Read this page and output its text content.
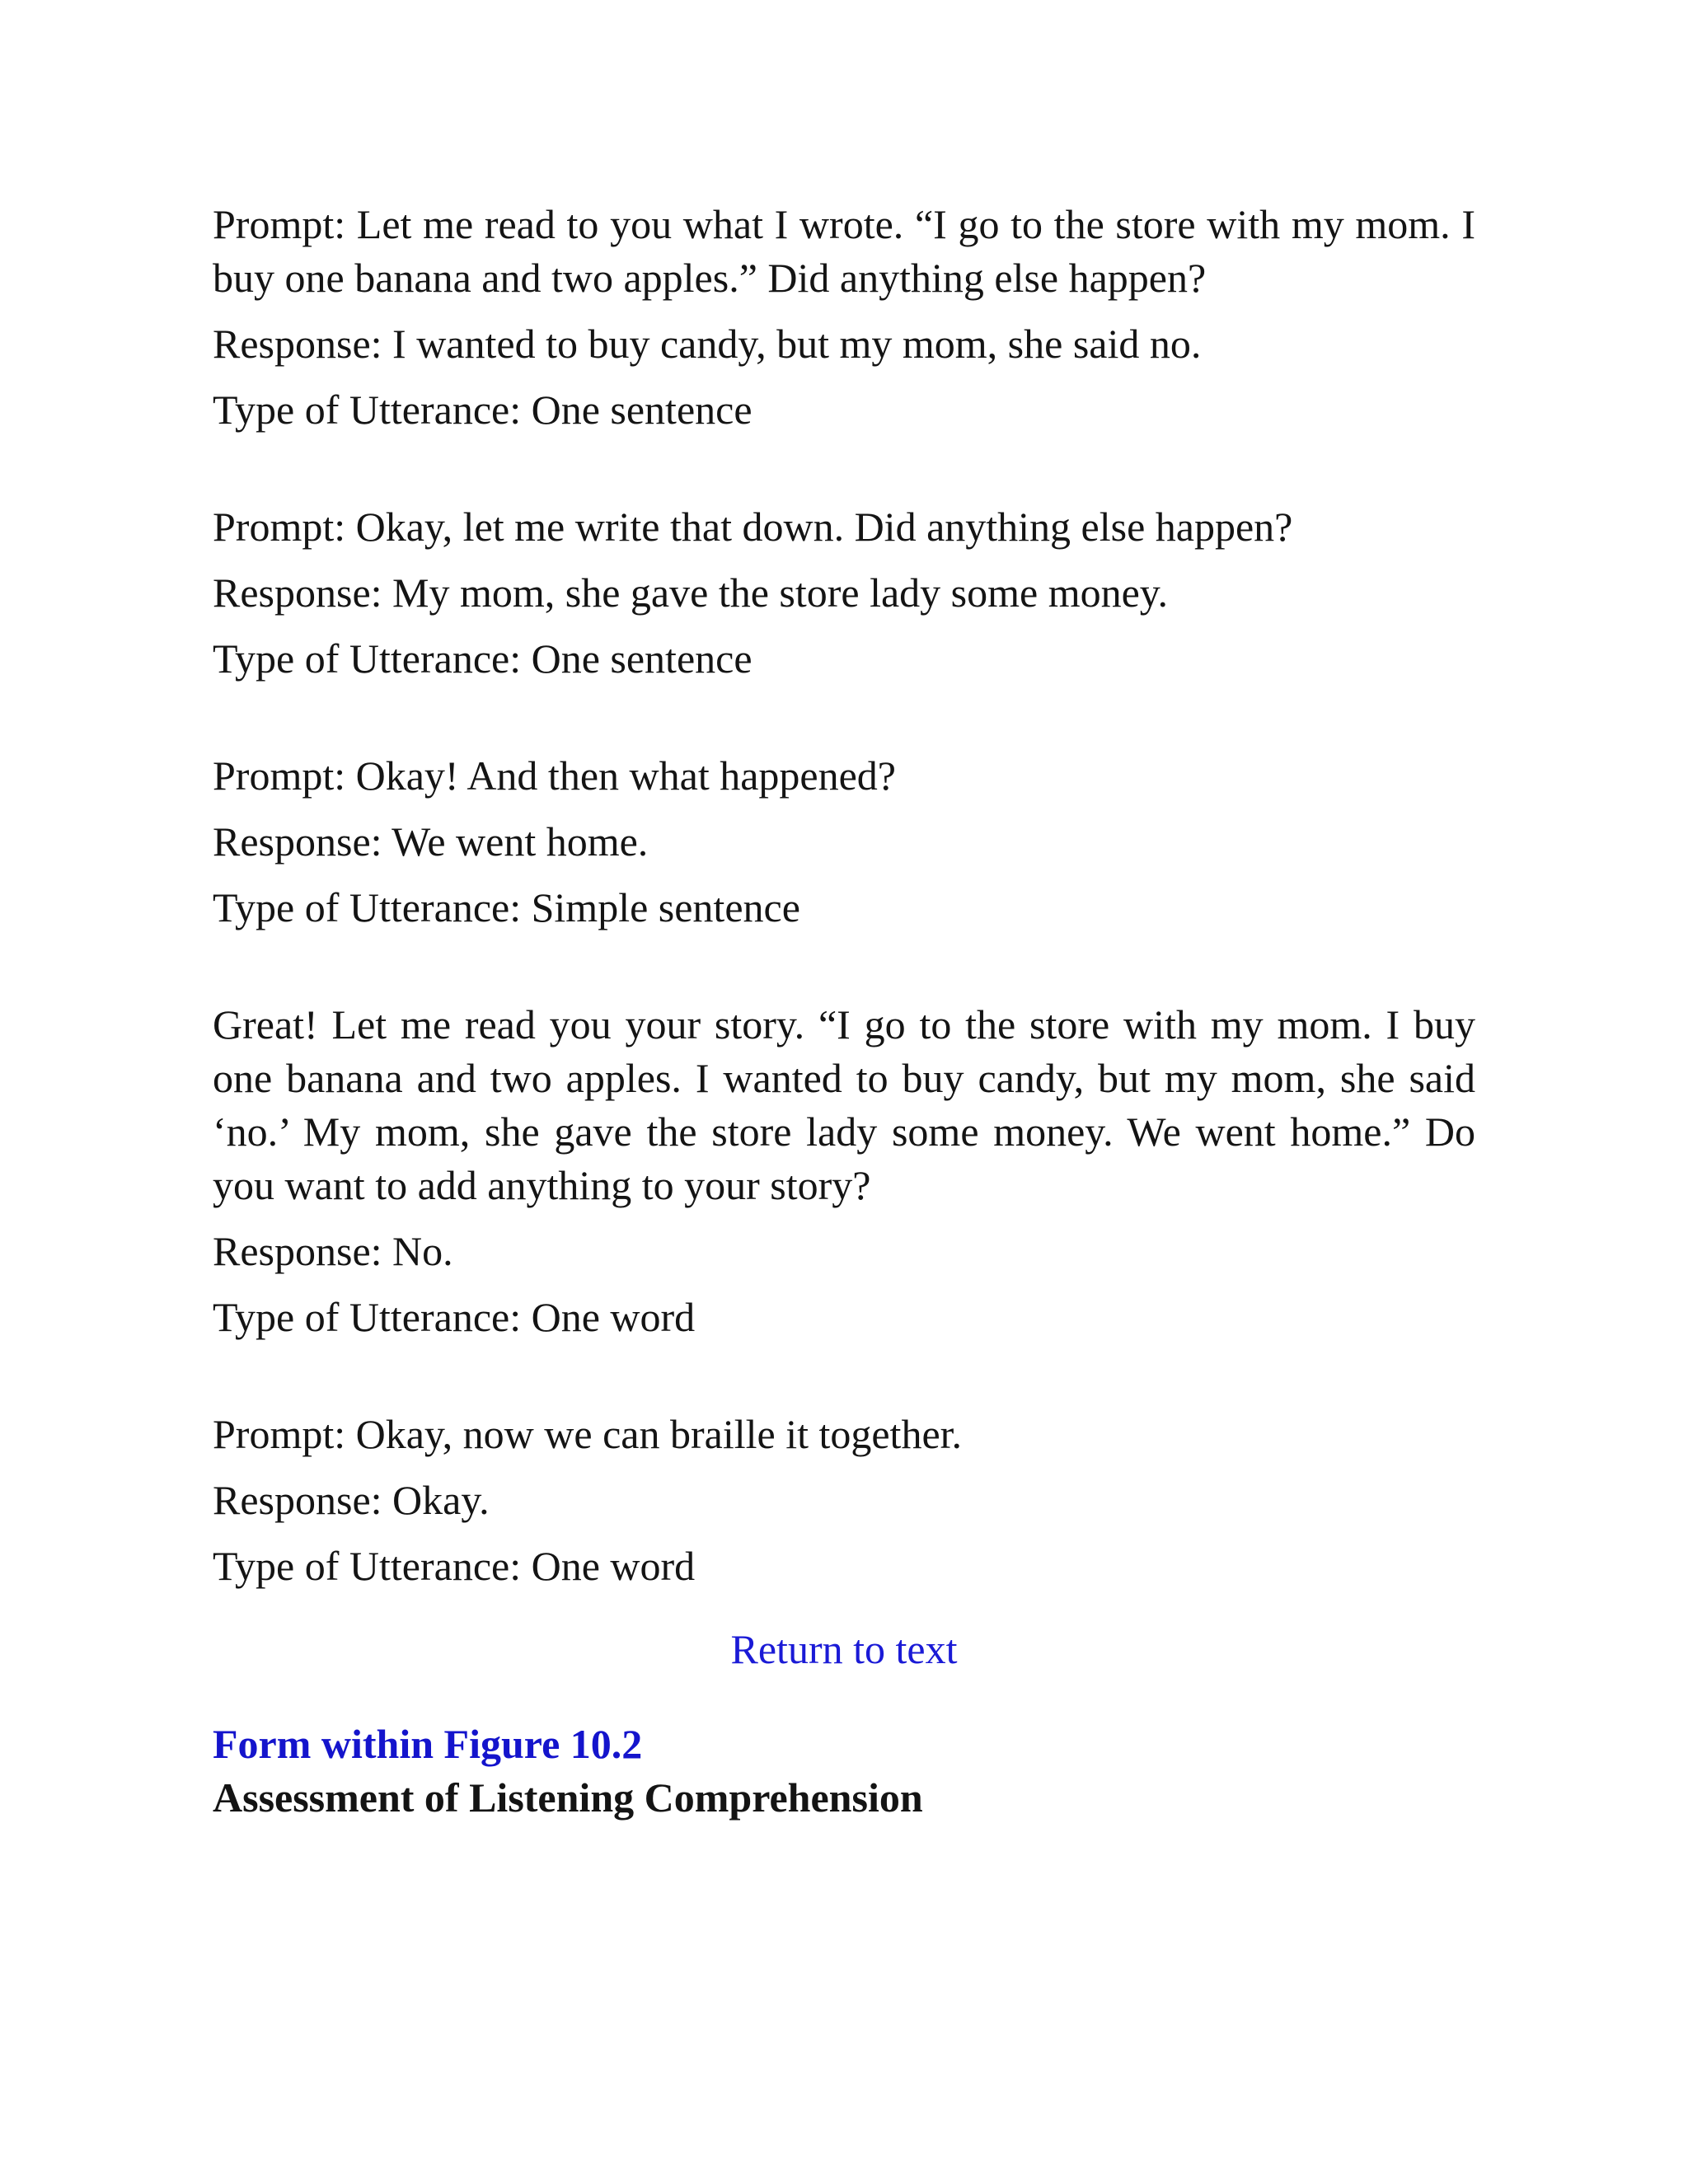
Prompt: Let me read to you what I wrote. “I go to the store with my mom. I buy one banana and two apples.” Did anything else happen?

Response: I wanted to buy candy, but my mom, she said no.

Type of Utterance: One sentence

Prompt: Okay, let me write that down. Did anything else happen?

Response: My mom, she gave the store lady some money.

Type of Utterance: One sentence

Prompt: Okay! And then what happened?

Response: We went home.

Type of Utterance: Simple sentence

Great! Let me read you your story. “I go to the store with my mom. I buy one banana and two apples. I wanted to buy candy, but my mom, she said ‘no.’ My mom, she gave the store lady some money. We went home.” Do you want to add anything to your story?

Response: No.

Type of Utterance: One word

Prompt: Okay, now we can braille it together.

Response: Okay.

Type of Utterance: One word

Return to text

Form within Figure 10.2

Assessment of Listening Comprehension
